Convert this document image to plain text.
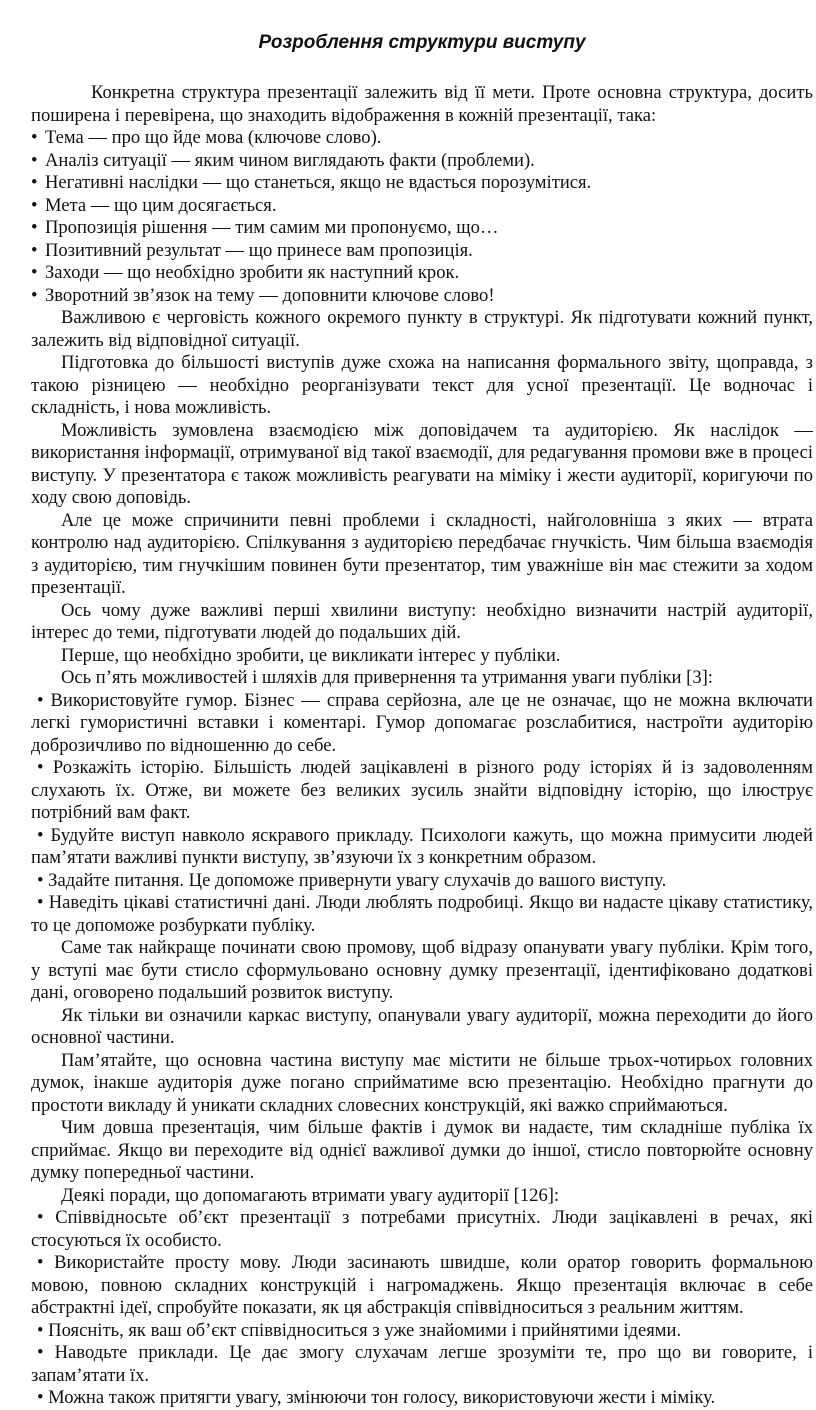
Розроблення структури виступу

Конкретна структура презентації залежить від її мети. Проте основна структура, досить поширена і перевірена, що знаходить відображення в кожній презентації, така:

• Тема — про що йде мова (ключове слово).

• Аналіз ситуації — яким чином виглядають факти (проблеми).

• Негативні наслідки — що станеться, якщо не вдасться порозумітися.

• Мета — що цим досягається.

• Пропозиція рішення — тим самим ми пропонуємо, що…

• Позитивний результат — що принесе вам пропозиція.

• Заходи — що необхідно зробити як наступний крок.

• Зворотний зв’язок на тему — доповнити ключове слово!

Важливою є черговість кожного окремого пункту в структурі. Як підготувати кожний пункт, залежить від відповідної ситуації.

Підготовка до більшості виступів дуже схожа на написання формального звіту, щоправда, з такою різницею — необхідно реорганізувати текст для усної презентації. Це водночас і складність, і нова можливість.

Можливість зумовлена взаємодією між доповідачем та аудиторією. Як наслідок — використання інформації, отримуваної від такої взаємодії, для редагування промови вже в процесі виступу. У презентатора є також можливість реагувати на міміку і жести аудиторії, коригуючи по ходу свою доповідь.

Але це може спричинити певні проблеми і складності, найголовніша з яких — втрата контролю над аудиторією. Спілкування з аудиторією передбачає гнучкість. Чим більша взаємодія з аудиторією, тим гнучкішим повинен бути презентатор, тим уважніше він має стежити за ходом презентації.

Ось чому дуже важливі перші хвилини виступу: необхідно визначити настрій аудиторії, інтерес до теми, підготувати людей до подальших дій.

Перше, що необхідно зробити, це викликати інтерес у публіки.

Ось п’ять можливостей і шляхів для привернення та утримання уваги публіки [3]:

• Використовуйте гумор. Бізнес — справа серйозна, але це не означає, що не можна включати легкі гумористичні вставки і коментарі. Гумор допомагає розслабитися, настроїти аудиторію доброзичливо по відношенню до себе.

• Розкажіть історію. Більшість людей зацікавлені в різного роду історіях й із задоволенням слухають їх. Отже, ви можете без великих зусиль знайти відповідну історію, що ілюструє потрібний вам факт.

• Будуйте виступ навколо яскравого прикладу. Психологи кажуть, що можна примусити людей пам’ятати важливі пункти виступу, зв’язуючи їх з конкретним образом.

• Задайте питання. Це допоможе привернути увагу слухачів до вашого виступу.

• Наведіть цікаві статистичні дані. Люди люблять подробиці. Якщо ви надасте цікаву статистику, то це допоможе розбуркати публіку.

Саме так найкраще починати свою промову, щоб відразу опанувати увагу публіки. Крім того, у вступі має бути стисло сформульовано основну думку презентації, ідентифіковано додаткові дані, оговорено подальший розвиток виступу.

Як тільки ви означили каркас виступу, опанували увагу аудиторії, можна переходити до його основної частини.

Пам’ятайте, що основна частина виступу має містити не більше трьох-чотирьох головних думок, інакше аудиторія дуже погано сприйматиме всю презентацію. Необхідно прагнути до простоти викладу й уникати складних словесних конструкцій, які важко сприймаються.

Чим довша презентація, чим більше фактів і думок ви надаєте, тим складніше публіка їх сприймає. Якщо ви переходите від однієї важливої думки до іншої, стисло повторюйте основну думку попередньої частини.

Деякі поради, що допомагають втримати увагу аудиторії [126]:

• Співвідносьте об’єкт презентації з потребами присутніх. Люди зацікавлені в речах, які стосуються їх особисто.

• Використайте просту мову. Люди засинають швидше, коли оратор говорить формальною мовою, повною складних конструкцій і нагромаджень. Якщо презентація включає в себе абстрактні ідеї, спробуйте показати, як ця абстракція співвідноситься з реальним життям.

• Поясніть, як ваш об’єкт співвідноситься з уже знайомими і прийнятими ідеями.

• Наводьте приклади. Це дає змогу слухачам легше зрозуміти те, про що ви говорите, і запам’ятати їх.

• Можна також притягти увагу, змінюючи тон голосу, використовуючи жести і міміку.
